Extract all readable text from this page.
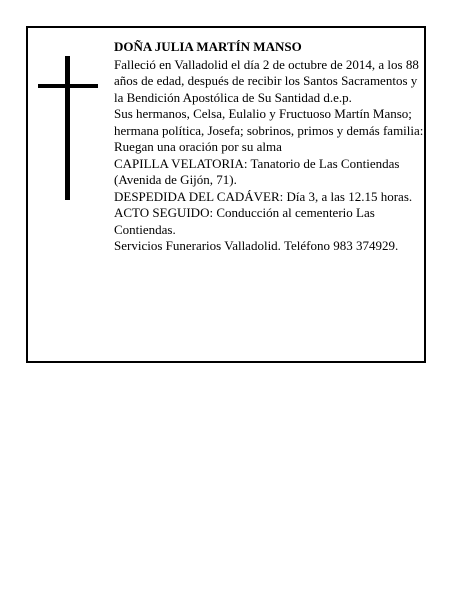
DOÑA JULIA MARTÍN MANSO

Falleció en Valladolid el día 2 de octubre de 2014, a los 88 años de edad, después de recibir los Santos Sacramentos y la Bendición Apostólica de Su Santidad d.e.p.

Sus hermanos, Celsa, Eulalio y Fructuoso Martín Manso; hermana política, Josefa; sobrinos, primos y demás familia:

Ruegan una oración por su alma

CAPILLA VELATORIA: Tanatorio de Las Contiendas (Avenida de Gijón, 71).

DESPEDIDA DEL CADÁVER: Día 3, a las 12.15 horas.

ACTO SEGUIDO: Conducción al cementerio Las Contiendas.

Servicios Funerarios Valladolid. Teléfono 983 374929.
